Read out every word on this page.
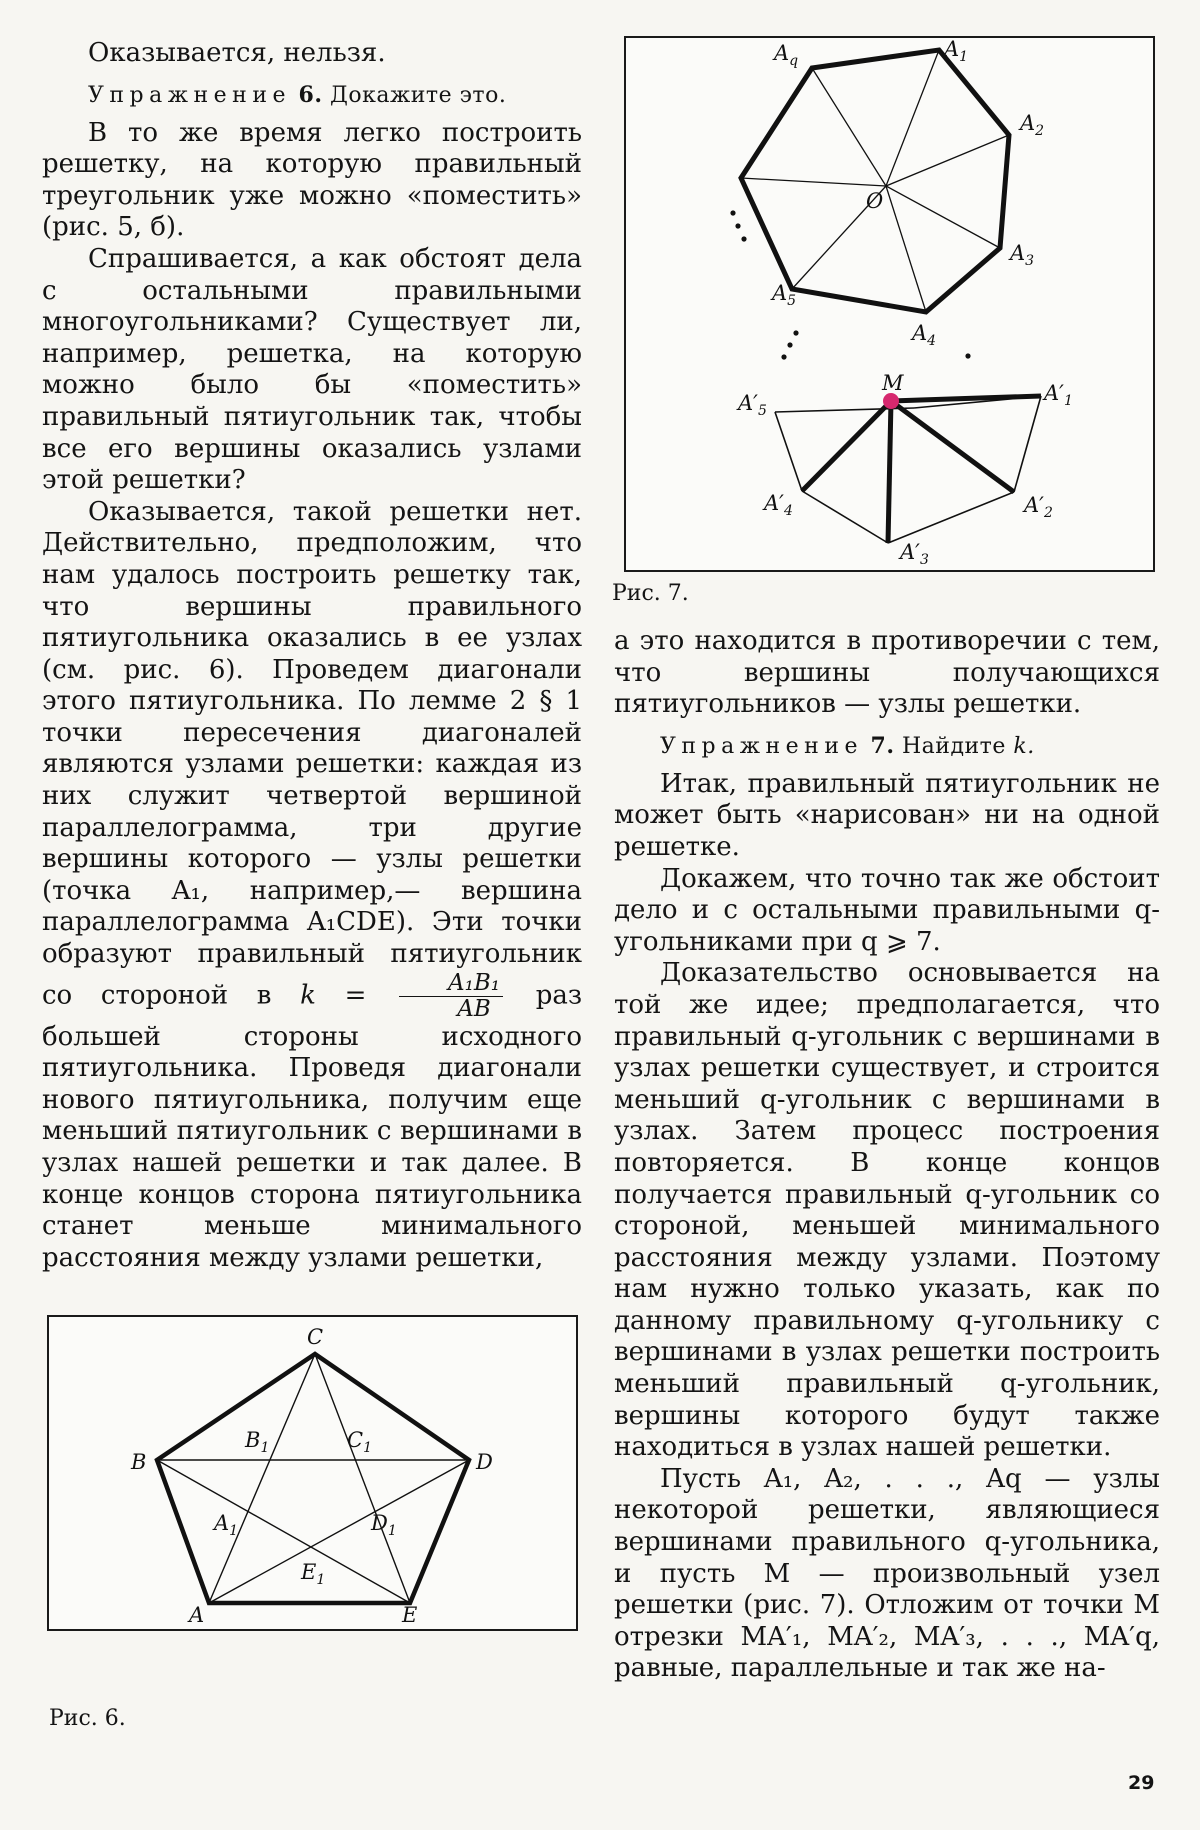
Оказывается, нельзя.

Упражнение 6. Докажите это.

В то же время легко построить решетку, на которую правильный треугольник уже можно «поместить» (рис. 5, б).

Спрашивается, а как обстоят дела с остальными правильными многоугольниками? Существует ли, например, решетка, на которую можно было бы «поместить» правильный пятиугольник так, чтобы все его вершины оказались узлами этой решетки?

Оказывается, такой решетки нет. Действительно, предположим, что нам удалось построить решетку так, что вершины правильного пятиугольника оказались в ее узлах (см. рис. 6). Проведем диагонали этого пятиугольника. По лемме 2 § 1 точки пересечения диагоналей являются узлами решетки: каждая из них служит четвертой вершиной параллелограмма, три другие вершины которого — узлы решетки (точка A₁, например,— вершина параллелограмма A₁CDE). Эти точки образуют правильный пятиугольник со стороной в $k = \frac{\text{A₁B₁}}{AB}$ раз большей стороны исходного пятиугольника. Проведя диагонали нового пятиугольника, получим еще меньший пятиугольник с вершинами в узлах нашей решетки и так далее. В конце концов сторона пятиугольника станет меньше минимального расстояния между узлами решетки,

C
B	D
A	E
$B_1$	$C_1$
$A_1$	$D_1$
$E_1$
Рис. 6.
$A_q$	$A_1$
$A_2$
$A_3$
$A_4$
$A_5$
O
M	$A'_1$
$A'_2$
$A'_3$
$A'_4$
$A'_5$
Рис. 7.

а это находится в противоречии с тем, что вершины получающихся пятиугольников — узлы решетки.

Упражнение 7. Найдите k.

Итак, правильный пятиугольник не может быть «нарисован» ни на одной решетке.

Докажем, что точно так же обстоит дело и с остальными правильными q-угольниками при q ⩾ 7.

Доказательство основывается на той же идее; предполагается, что правильный q-угольник с вершинами в узлах решетки существует, и строится меньший q-угольник с вершинами в узлах. Затем процесс построения повторяется. В конце концов получается правильный q-угольник со стороной, меньшей минимального расстояния между узлами. Поэтому нам нужно только указать, как по данному правильному q-угольнику с вершинами в узлах решетки построить меньший правильный q-угольник, вершины которого будут также находиться в узлах нашей решетки.

Пусть A₁, A₂, . . ., Aq — узлы некоторой решетки, являющиеся вершинами правильного q-угольника, и пусть M — произвольный узел решетки (рис. 7). Отложим от точки M отрезки MA′₁, MA′₂, MA′₃, . . ., MA′q, равные, параллельные и так же на-

29
